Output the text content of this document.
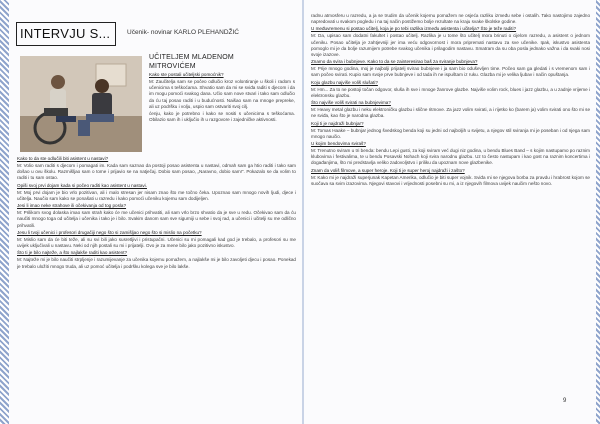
INTERVJU S...	Učenik- novinar KARLO PLEHANDŽIĆ
UČITELJEM MLADENOM MITROVIĆEM

Kako ste postali učiteljski pomoćnik?

M: Zaučitelja sam se počeo odlučio kroz volontiranje u školi i radom s učenicima s teškoćama. Shvatio sam da mi se sviđa raditi s djecom i da im mogu pomoći svakog dana. Učio sam nove stvari i tako sam odlučio da ću taj posao raditi i u budućnosti. Naišao sam na mnoge prepreke, ali uz podršku i volju, uspio sam ostvariti svoj cilj.

ćenju, kako je potrebno i kako se nositi s učenicima s teškoćama. Obilazio sam ih i uključio ih u razgovore i zajedničke aktivnosti.

Kako to da ste odlučili biti asistent u nastavi?

M: Volio sam raditi s djecom i pomagati im. Kada sam saznao da postoji posao asistenta u nastavi, odmah sam ga htio raditi i tako sam došao u ovu školu. Razmišljao sam o tome i prijavio se na natječaj. Dobio sam posao, „Naravno, dobio sam!“. Pokazalo se da volim to raditi i tu sam ostao.

Opiši svoj prvi dojam kada si počeo raditi kao asistent u nastavi.

M: Moj prvi dojam je bio vrlo pozitivan, ali i malo stresan jer nisam znao što me točno čeka. Upoznao sam mnogo novih ljudi, djece i učitelja. Naučio sam kako se ponašati u razredu i kako pomoći učeniku kojemu sam dodijeljen.

Jesi li imao neke strahove ili očekivanja od tog posla?

M: Prilikom svog dolaska imao sam strah kako će me učenici prihvatiti, ali sam vrlo brzo shvatio da je sve u redu. Očekivao sam da ću naučiti mnogo toga od učitelja i učenika i tako je i bilo. Svakim danom sam sve sigurniji u sebe i svoj rad, a učenici i učitelji su me odlično prihvatili.

Jesu li tvoji učenici i profesori drugačiji nego što si zamišljao nego što si mislio na početku?

M: Mislio sam da će biti teže, ali su svi bili jako susretljivi i pristupačni. Učenici su mi pomagali kad god je trebalo, a profesori su me uvijek uključivali u nastavu. Neki od njih postali su mi i prijatelji. Ovo je za mene bilo jako pozitivno iskustvo.

Što ti je bilo najteže, a što najlakše raditi kao asistent?

M: Najteže mi je bilo naučiti strpljenje i razumijevanje za učenika kojemu pomažem, a najlakše mi je bilo zavoljeti djecu i posao. Ponekad je trebalo uložiti mnogo truda, ali uz pomoć učitelja i podršku kolega sve je bilo lakše.

radnu atmosferu u razredu, a ja se trudim da učenik kojemu pomažem ne osjeća razliku između sebe i ostalih. Tako nastojimo zajedno napredovati u svakom pogledu i na taj način postižemo bolje rezultate na kraju svake školske godine.

U međuvremenu si postao učitelj, koja je po tebi razlika između asistenta i učitelja? Što je teže raditi?

M: Da, upisao sam dodatni fakultet i postao učitelj. Razlika je u tome što učitelj mora brinuti o cijelom razredu, a asistent o jednom učeniku. Posao učitelja je zahtjevniji jer ima veću odgovornost i mora pripremati nastavu za sve učenike. Ipak, iskustvo asistenta pomoglo mi je da bolje razumijem potrebe svakog učenika i prilagodim nastavu. Smatram da su oba posla jednako važna i da svaki nosi svoje izazove.

Znamo da svira i bubnjeve. Kako to da se zainteresirao baš za sviranje bubnjeva?

M: Prije mnogo godina, moj je najbolji prijatelj svirao bubnjeve i ja sam bio oduševljen time. Počeo sam ga gledati i s vremenom sam i sam počeo svirati. Kupio sam svoje prve bubnjeve i od tada ih ne ispuštam iz ruku. Glazba mi je velika ljubav i način opuštanja.

Koju glazbu najviše voliš slušati?

M: Hm... Za to ne postoji točan odgovor, sluša ih sve i mnoge žanrove glazbe. Najviše volim rock, blues i jazz glazbu, a u zadnje vrijeme i elektronsku glazbu.

Što najviše voliš svirati na bubnjevima?

M: Heavy metal glazbu i neku elektroničku glazbu i slične ritmove. Za jazz volim svirati, a i rijetko ko (barem ja) volim svirati ono što mi se ne sviđa, kao što je narodna glazba.

Koji ti je najdraži bubnjar?

M: Tomas Haake – bubnjar jednog švedskog benda koji su jedni od najboljih u svijetu, a njegov stil sviranja mi je poseban i od njega sam mnogo naučio.

U kojim bendovima sviraš?

M: Trenutno sviram u tri benda: bendu Lepi gusti, za koji sviram već dugi niz godina, u bendu Blues Band – s kojim nastupamo po raznim klubovima i festivalima, te u bendu Posavski Nohach koji svira narodnu glazbu. Uz to često nastupam i kao gost na raznim koncertima i događanjima, što mi predstavlja veliko zadovoljstvo i priliku da upoznam nove glazbenike.

Znam da voliš filmove, a super heroje. Koji ti je super heroj najdraži i zašto?

M: Kako mi je najdraži superjunak Kapetan Amerika, odlučio je biti super vojnik. Sviđa mi se njegova borba za pravdu i hrabrost kojom se suočava sa svim izazovima. Njegovi stavovi i vrijednosti posebni su mi, a iz njegovih filmova uvijek naučim nešto novo.

9
